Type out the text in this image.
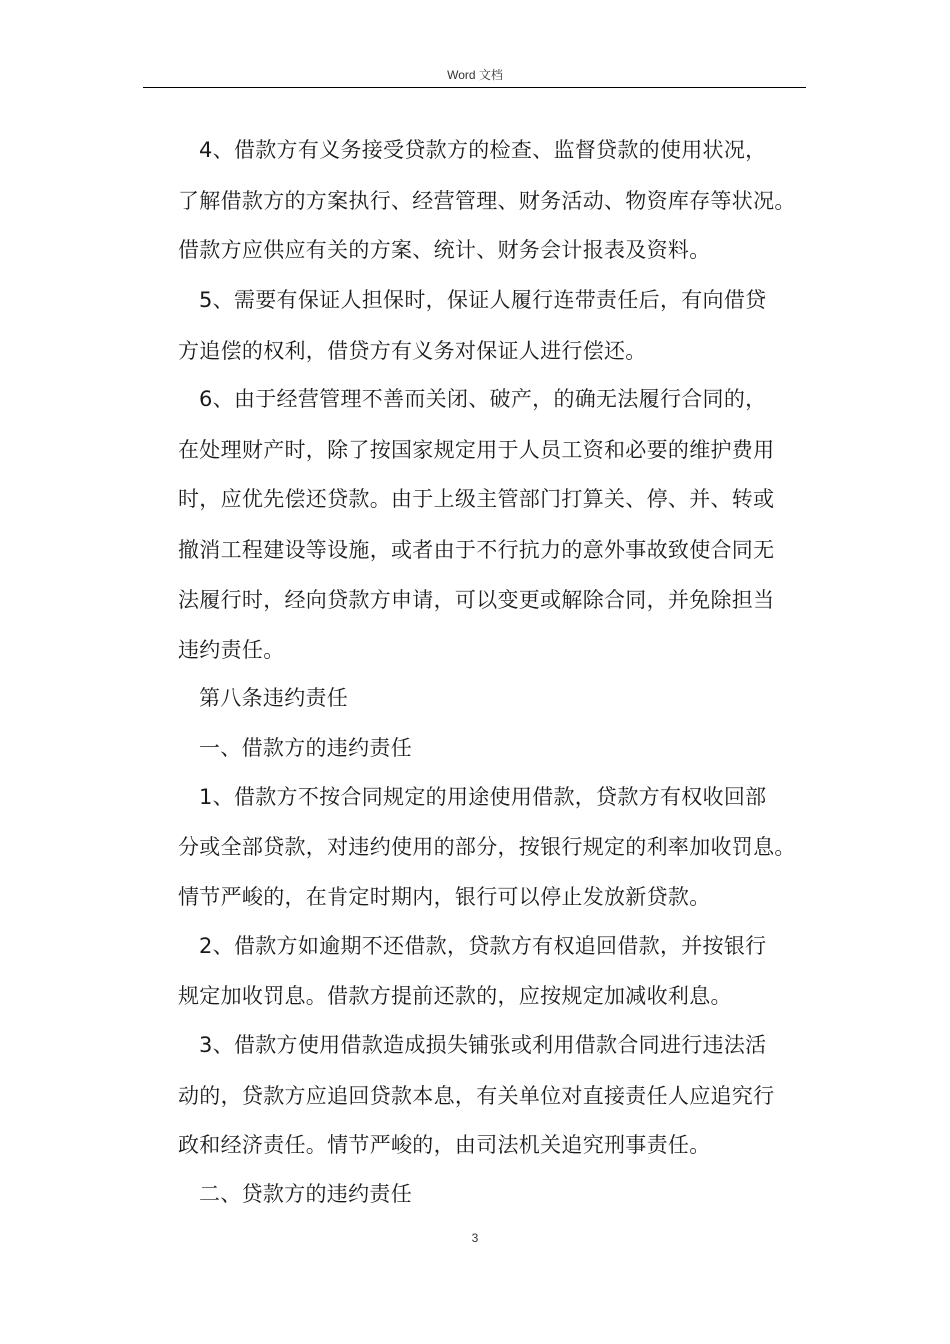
Word 文档
4、借款方有义务接受贷款方的检查、监督贷款的使用状况，
了解借款方的方案执行、经营管理、财务活动、物资库存等状况。
借款方应供应有关的方案、统计、财务会计报表及资料。
5、需要有保证人担保时，保证人履行连带责任后，有向借贷
方追偿的权利，借贷方有义务对保证人进行偿还。
6、由于经营管理不善而关闭、破产，的确无法履行合同的，
在处理财产时，除了按国家规定用于人员工资和必要的维护费用
时，应优先偿还贷款。由于上级主管部门打算关、停、并、转或
撤消工程建设等设施，或者由于不行抗力的意外事故致使合同无
法履行时，经向贷款方申请，可以变更或解除合同，并免除担当
违约责任。
第八条违约责任
一、借款方的违约责任
1、借款方不按合同规定的用途使用借款，贷款方有权收回部
分或全部贷款，对违约使用的部分，按银行规定的利率加收罚息。
情节严峻的，在肯定时期内，银行可以停止发放新贷款。
2、借款方如逾期不还借款，贷款方有权追回借款，并按银行
规定加收罚息。借款方提前还款的，应按规定加减收利息。
3、借款方使用借款造成损失铺张或利用借款合同进行违法活
动的，贷款方应追回贷款本息，有关单位对直接责任人应追究行
政和经济责任。情节严峻的，由司法机关追究刑事责任。
二、贷款方的违约责任
3
